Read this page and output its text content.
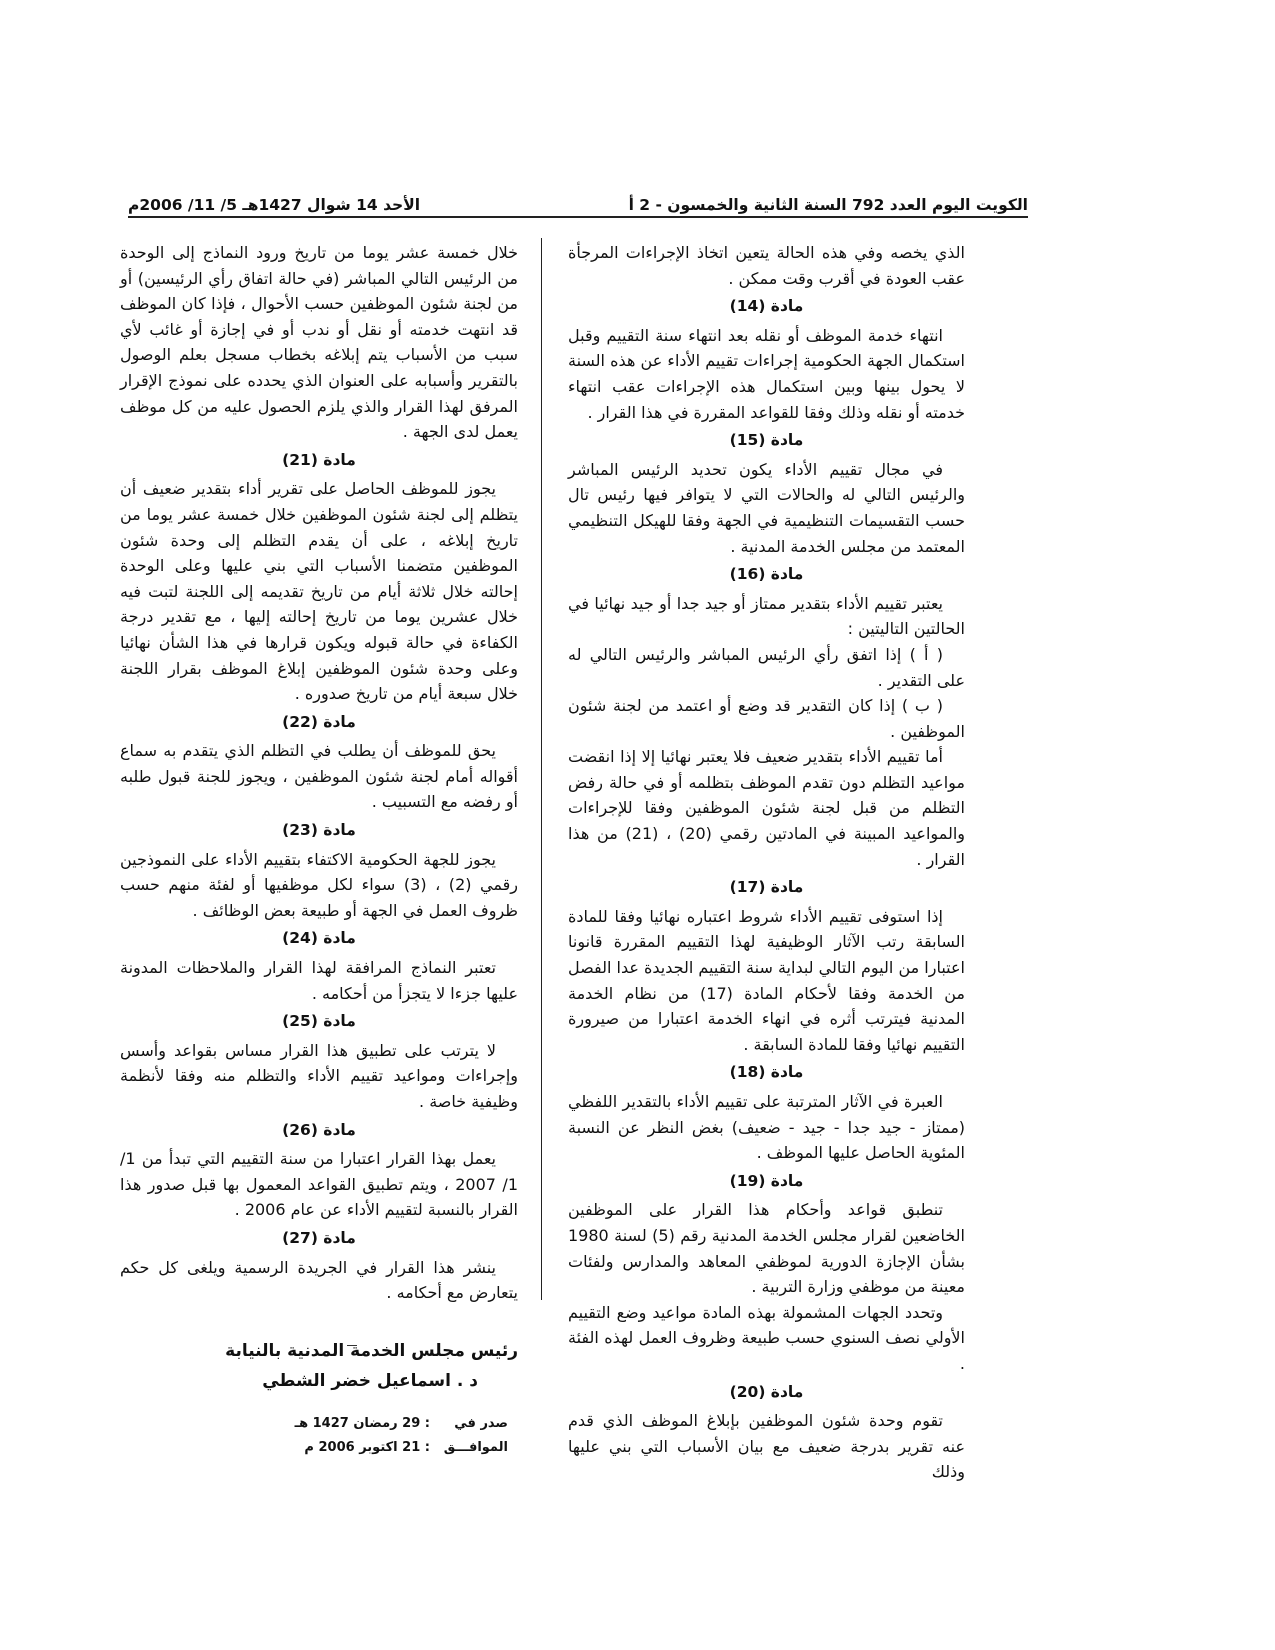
الكويت اليوم العدد 792 السنة الثانية والخمسون - 2 أ
الأحد 14 شوال 1427هـ 5/ 11/ 2006م

الذي يخصه وفي هذه الحالة يتعين اتخاذ الإجراءات المرجأة عقب العودة في أقرب وقت ممكن .

مادة (14)

انتهاء خدمة الموظف أو نقله بعد انتهاء سنة التقييم وقبل استكمال الجهة الحكومية إجراءات تقييم الأداء عن هذه السنة لا يحول بينها وبين استكمال هذه الإجراءات عقب انتهاء خدمته أو نقله وذلك وفقا للقواعد المقررة في هذا القرار .

مادة (15)

في مجال تقييم الأداء يكون تحديد الرئيس المباشر والرئيس التالي له والحالات التي لا يتوافر فيها رئيس تال حسب التقسيمات التنظيمية في الجهة وفقا للهيكل التنظيمي المعتمد من مجلس الخدمة المدنية .

مادة (16)

يعتبر تقييم الأداء بتقدير ممتاز أو جيد جدا أو جيد نهائيا في الحالتين التاليتين :

( أ ) إذا اتفق رأي الرئيس المباشر والرئيس التالي له على التقدير .

( ب ) إذا كان التقدير قد وضع أو اعتمد من لجنة شئون الموظفين .

أما تقييم الأداء بتقدير ضعيف فلا يعتبر نهائيا إلا إذا انقضت مواعيد التظلم دون تقدم الموظف بتظلمه أو في حالة رفض التظلم من قبل لجنة شئون الموظفين وفقا للإجراءات والمواعيد المبينة في المادتين رقمي (20) ، (21) من هذا القرار .

مادة (17)

إذا استوفى تقييم الأداء شروط اعتباره نهائيا وفقا للمادة السابقة رتب الآثار الوظيفية لهذا التقييم المقررة قانونا اعتبارا من اليوم التالي لبداية سنة التقييم الجديدة عدا الفصل من الخدمة وفقا لأحكام المادة (17) من نظام الخدمة المدنية فيترتب أثره في انهاء الخدمة اعتبارا من صيرورة التقييم نهائيا وفقا للمادة السابقة .

مادة (18)

العبرة في الآثار المترتبة على تقييم الأداء بالتقدير اللفظي (ممتاز - جيد جدا - جيد - ضعيف) بغض النظر عن النسبة المئوية الحاصل عليها الموظف .

مادة (19)

تنطبق قواعد وأحكام هذا القرار على الموظفين الخاضعين لقرار مجلس الخدمة المدنية رقم (5) لسنة 1980 بشأن الإجازة الدورية لموظفي المعاهد والمدارس ولفئات معينة من موظفي وزارة التربية .

وتحدد الجهات المشمولة بهذه المادة مواعيد وضع التقييم الأولي نصف السنوي حسب طبيعة وظروف العمل لهذه الفئة .

مادة (20)

تقوم وحدة شئون الموظفين بإبلاغ الموظف الذي قدم عنه تقرير بدرجة ضعيف مع بيان الأسباب التي بني عليها وذلك

خلال خمسة عشر يوما من تاريخ ورود النماذج إلى الوحدة من الرئيس التالي المباشر (في حالة اتفاق رأي الرئيسين) أو من لجنة شئون الموظفين حسب الأحوال ، فإذا كان الموظف قد انتهت خدمته أو نقل أو ندب أو في إجازة أو غائب لأي سبب من الأسباب يتم إبلاغه بخطاب مسجل بعلم الوصول بالتقرير وأسبابه على العنوان الذي يحدده على نموذج الإقرار المرفق لهذا القرار والذي يلزم الحصول عليه من كل موظف يعمل لدى الجهة .

مادة (21)

يجوز للموظف الحاصل على تقرير أداء بتقدير ضعيف أن يتظلم إلى لجنة شئون الموظفين خلال خمسة عشر يوما من تاريخ إبلاغه ، على أن يقدم التظلم إلى وحدة شئون الموظفين متضمنا الأسباب التي بني عليها وعلى الوحدة إحالته خلال ثلاثة أيام من تاريخ تقديمه إلى اللجنة لتبت فيه خلال عشرين يوما من تاريخ إحالته إليها ، مع تقدير درجة الكفاءة في حالة قبوله ويكون قرارها في هذا الشأن نهائيا وعلى وحدة شئون الموظفين إبلاغ الموظف بقرار اللجنة خلال سبعة أيام من تاريخ صدوره .

مادة (22)

يحق للموظف أن يطلب في التظلم الذي يتقدم به سماع أقواله أمام لجنة شئون الموظفين ، ويجوز للجنة قبول طلبه أو رفضه مع التسبيب .

مادة (23)

يجوز للجهة الحكومية الاكتفاء بتقييم الأداء على النموذجين رقمي (2) ، (3) سواء لكل موظفيها أو لفئة منهم حسب ظروف العمل في الجهة أو طبيعة بعض الوظائف .

مادة (24)

تعتبر النماذج المرافقة لهذا القرار والملاحظات المدونة عليها جزءا لا يتجزأ من أحكامه .

مادة (25)

لا يترتب على تطبيق هذا القرار مساس بقواعد وأسس وإجراءات ومواعيد تقييم الأداء والتظلم منه وفقا لأنظمة وظيفية خاصة .

مادة (26)

يعمل بهذا القرار اعتبارا من سنة التقييم التي تبدأ من 1/ 1/ 2007 ، ويتم تطبيق القواعد المعمول بها قبل صدور هذا القرار بالنسبة لتقييم الأداء عن عام 2006 .

مادة (27)

ينشر هذا القرار في الجريدة الرسمية ويلغى كل حكم يتعارض مع أحكامه .

رئيس مجلس الخدمة المدنية بالنيابة
د . اسماعيل خضر الشطي
صدر في
: 29 رمضان 1427 هـ
الموافـــق
: 21 اكتوبر 2006 م
